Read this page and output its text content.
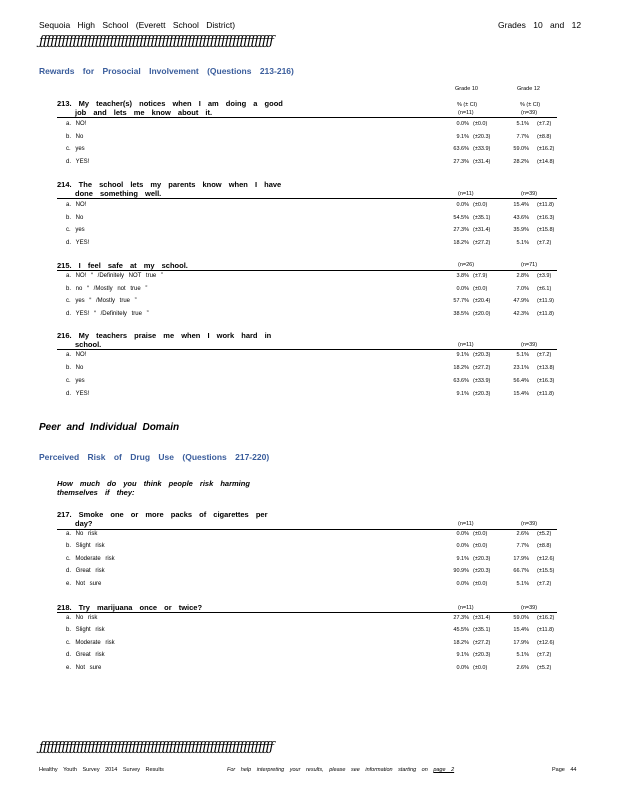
Sequoia High School (Everett School District)	Grades 10 and 12
ƒƒƒƒƒƒƒƒƒƒƒƒƒƒƒƒƒƒƒƒƒƒƒƒƒƒƒƒƒƒƒƒƒƒƒƒƒƒƒƒƒƒƒƒƒƒƒƒƒƒƒƒƒƒƒƒƒƒƒƒƒƒƒ
Rewards for Prosocial Involvement (Questions 213-216)
Grade 10	Grade 12
% (± CI)	% (± CI)
213. My teacher(s) notices when I am doing a good
job and lets me know about it.	(n=11)	(n=39)
a. NO!	0.0% (±0.0)	5.1% (±7.2)
b. No	9.1% (±20.3)	7.7% (±8.8)
c. yes	63.6% (±33.9)	59.0% (±16.2)
d. YES!	27.3% (±31.4)	28.2% (±14.8)
214. The school lets my parents know when I have
done something well.	(n=11)	(n=39)
a. NO!	0.0% (±0.0)	15.4% (±11.8)
b. No	54.5% (±35.1)	43.6% (±16.3)
c. yes	27.3% (±31.4)	35.9% (±15.8)
d. YES!	18.2% (±27.2)	5.1% (±7.2)
215. I feel safe at my school.	(n=26)	(n=71)
a. NO! “ /Definitely NOT true ”	3.8% (±7.9)	2.8% (±3.9)
b. no “ /Mostly not true ”	0.0% (±0.0)	7.0% (±6.1)
c. yes “ /Mostly true ”	57.7% (±20.4)	47.9% (±11.9)
d. YES! “ /Definitely true ”	38.5% (±20.0)	42.3% (±11.8)
216. My teachers praise me when I work hard in
school.	(n=11)	(n=39)
a. NO!	9.1% (±20.3)	5.1% (±7.2)
b. No	18.2% (±27.2)	23.1% (±13.8)
c. yes	63.6% (±33.9)	56.4% (±16.3)
d. YES!	9.1% (±20.3)	15.4% (±11.8)
Peer and Individual Domain
Perceived Risk of Drug Use (Questions 217-220)
How much do you think people risk harming
themselves if they:
217. Smoke one or more packs of cigarettes per
day?	(n=11)	(n=39)
a. No risk	0.0% (±0.0)	2.6% (±5.2)
b. Slight risk	0.0% (±0.0)	7.7% (±8.8)
c. Moderate risk	9.1% (±20.3)	17.9% (±12.6)
d. Great risk	90.9% (±20.3)	66.7% (±15.5)
e. Not sure	0.0% (±0.0)	5.1% (±7.2)
218. Try marijuana once or twice?	(n=11)	(n=39)
a. No risk	27.3% (±31.4)	59.0% (±16.2)
b. Slight risk	45.5% (±35.1)	15.4% (±11.8)
c. Moderate risk	18.2% (±27.2)	17.9% (±12.6)
d. Great risk	9.1% (±20.3)	5.1% (±7.2)
e. Not sure	0.0% (±0.0)	2.6% (±5.2)
ƒƒƒƒƒƒƒƒƒƒƒƒƒƒƒƒƒƒƒƒƒƒƒƒƒƒƒƒƒƒƒƒƒƒƒƒƒƒƒƒƒƒƒƒƒƒƒƒƒƒƒƒƒƒƒƒƒƒƒƒƒƒƒ
Healthy Youth Survey 2014 Survey Results	For help interpreting your results, please see information starting on page 2	Page 44
